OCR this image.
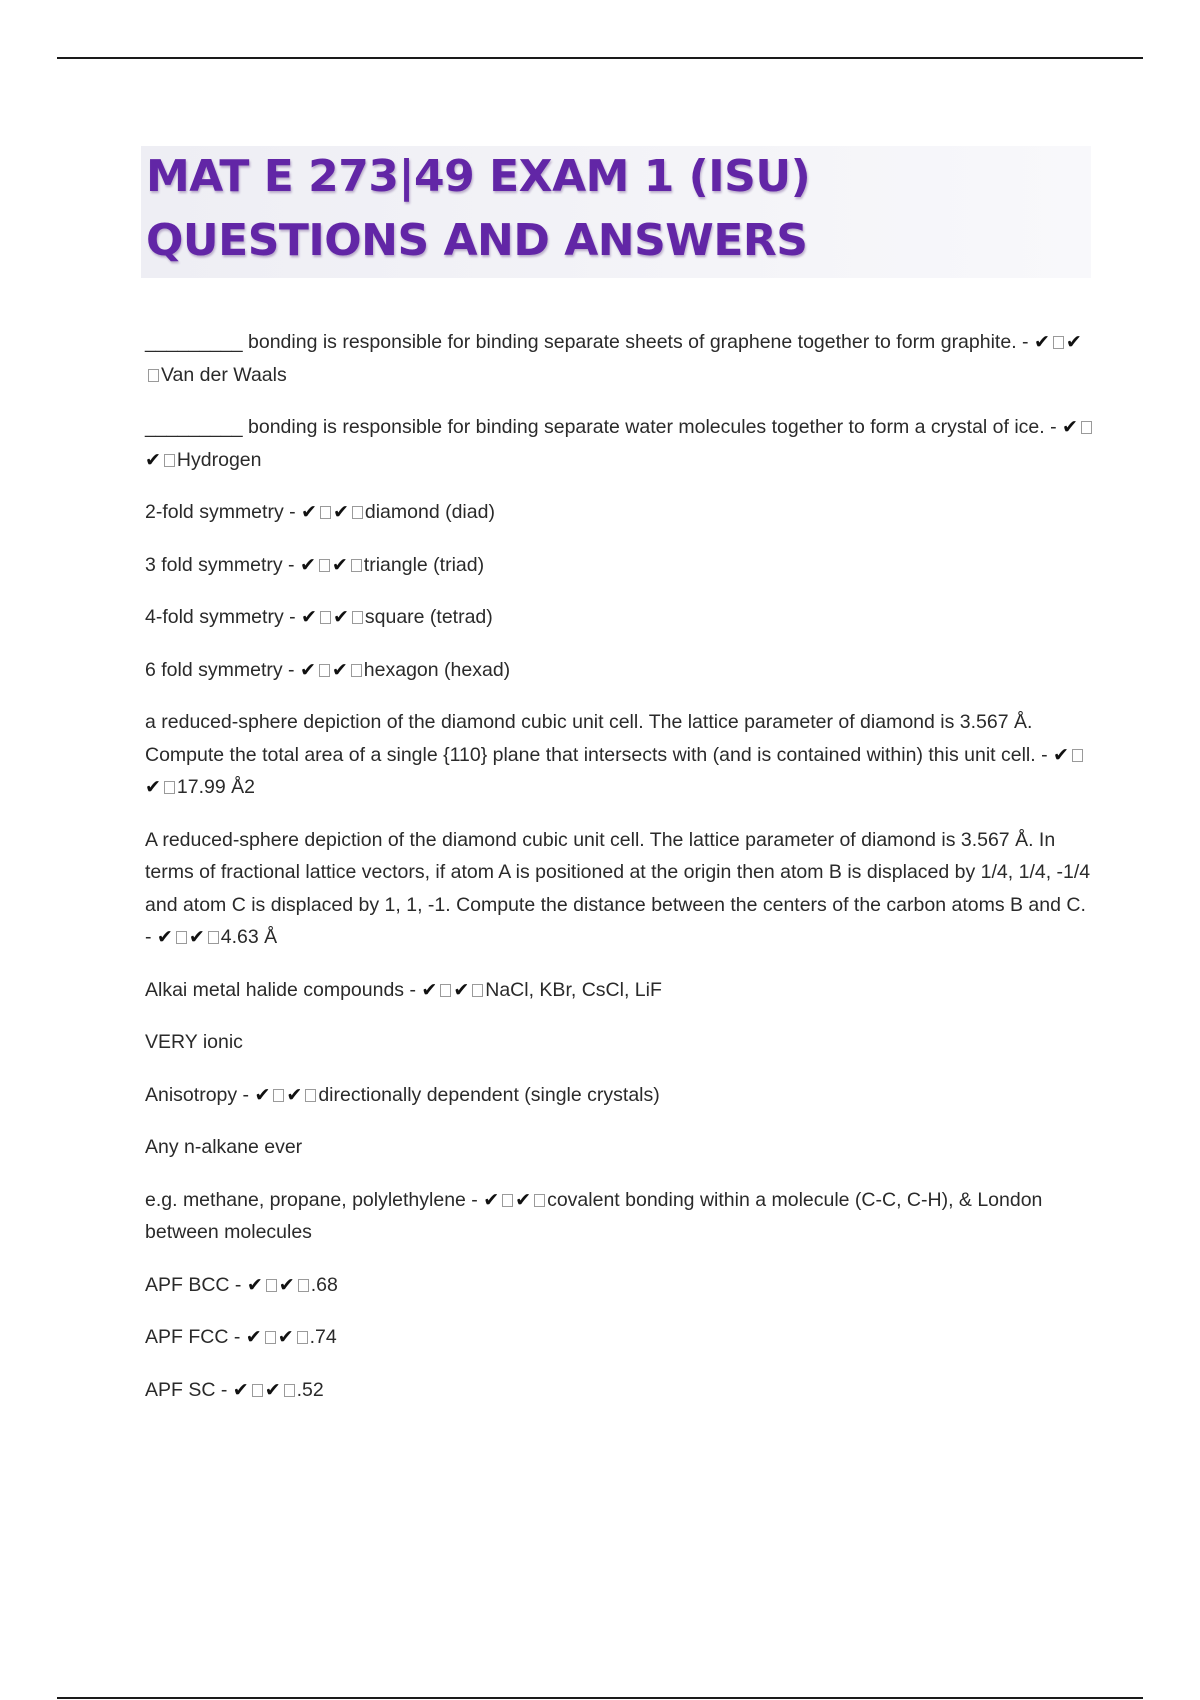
MAT E 273|49 EXAM 1 (ISU) QUESTIONS AND ANSWERS

_________ bonding is responsible for binding separate sheets of graphene together to form graphite. - ✔ ✔Van der Waals

_________ bonding is responsible for binding separate water molecules together to form a crystal of ice. - ✔✔ Hydrogen

2-fold symmetry - ✔ ✔ diamond (diad)

3 fold symmetry - ✔ ✔ triangle (triad)

4-fold symmetry - ✔ ✔ square (tetrad)

6 fold symmetry - ✔ ✔ hexagon (hexad)

a reduced-sphere depiction of the diamond cubic unit cell. The lattice parameter of diamond is 3.567 Å. Compute the total area of a single {110} plane that intersects with (and is contained within) this unit cell. - ✔✔ 17.99 Å2

A reduced-sphere depiction of the diamond cubic unit cell. The lattice parameter of diamond is 3.567 Å. In terms of fractional lattice vectors, if atom A is positioned at the origin then atom B is displaced by 1/4, 1/4, -1/4 and atom C is displaced by 1, 1, -1. Compute the distance between the centers of the carbon atoms B and C. - ✔ ✔ 4.63 Å

Alkai metal halide compounds - ✔ ✔ NaCl, KBr, CsCl, LiF

VERY ionic

Anisotropy - ✔ ✔ directionally dependent (single crystals)

Any n-alkane ever

e.g. methane, propane, polylethylene - ✔ ✔ covalent bonding within a molecule (C-C, C-H), & London between molecules

APF BCC - ✔ ✔ .68

APF FCC - ✔ ✔ .74

APF SC - ✔ ✔ .52
